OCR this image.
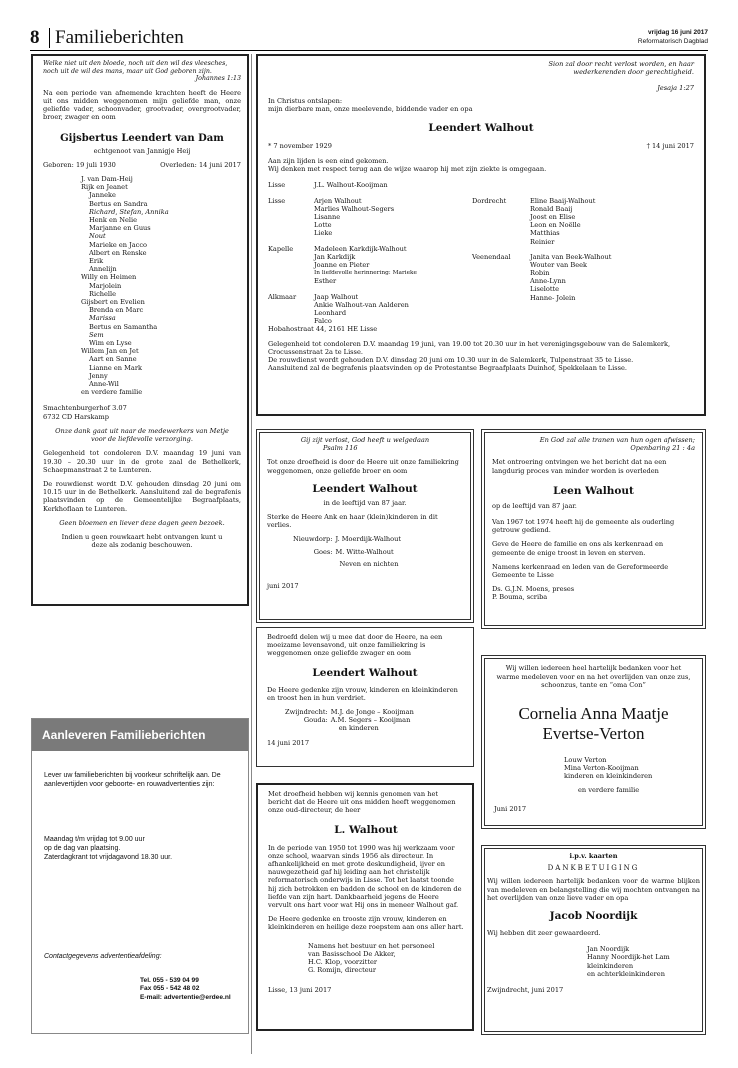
8 Familieberichten	vrijdag 16 juni 2017
Reformatorisch Dagblad

Welke niet uit den bloede, noch uit den wil des vleesches,

noch uit de wil des mans, maar uit God geboren zijn.

Johannes 1:13

Na een periode van afnemende krachten heeft de Heere uit ons midden weggenomen mijn geliefde man, onze geliefde vader, schoonvader, grootvader, overgrootvader, broer, zwager en oom

Gijsbertus Leendert van Dam

echtgenoot van Jannigje Heij

Geboren: 19 juli 1930	Overleden: 14 juni 2017

J. van Dam-Heij

Rijk en Jeanet

Janneke

Bertus en Sandra

Richard, Stefan, Annika

Henk en Nelie

Marjanne en Guus

Nout

Marieke en Jacco

Albert en Renske

Erik

Annelijn

Willy en Heimen

Marjolein

Richelle

Gijsbert en Evelien

Brenda en Marc

Marissa

Bertus en Samantha

Sem

Wim en Lyse

Willem Jan en Jet

Aart en Sanne

Lianne en Mark

Jenny

Anne-Wil

en verdere familie

Smachtenburgerhof 3.07

6732 CD Harskamp

Onze dank gaat uit naar de medewerkers van Metje voor de liefdevolle verzorging.

Gelegenheid tot condoleren D.V. maandag 19 juni van 19.30 – 20.30 uur in de grote zaal de Bethelkerk, Schaepmanstraat 2 te Lunteren.

De rouwdienst wordt D.V. gehouden dinsdag 20 juni om 10.15 uur in de Bethelkerk. Aansluitend zal de begrafenis plaatsvinden op de Gemeentelijke Begraafplaats, Kerkhoflaan te Lunteren.

Geen bloemen en liever deze dagen geen bezoek.

Indien u geen rouwkaart hebt ontvangen kunt u deze als zodanig beschouwen.

Sion zal door recht verlost worden, en haar

wederkerenden door gerechtigheid.

Jesaja 1:27

In Christus ontslapen:

mijn dierbare man, onze meelevende, biddende vader en opa

Leendert Walhout

* 7 november 1929	† 14 juni 2017

Aan zijn lijden is een eind gekomen.

Wij denken met respect terug aan de wijze waarop hij met zijn ziekte is omgegaan.

Lisse	J.L. Walhout-Kooijman
Lisse	Arjen Walhout

Marlies Walhout-Segers

Lisanne

Lotte

Lieke

Kapelle	Madeleen Karkdijk-Walhout

Jan Karkdijk

Joanne en Pieter

In liefdevolle herinnering: Marieke

Esther

Alkmaar	Jaap Walhout

Ankie Walhout-van Aalderen

Leonhard

Falco

Dordrecht	Eline Baaij-Walhout

Ronald Baaij

Joost en Elise

Leon en Noëlle

Matthias

Reinier

Veenendaal	Janita van Beek-Walhout

Wouter van Beek

Robin

Anne-Lynn

Liselotte

Hanne- Jolein

Hobahostraat 44, 2161 HE Lisse

Gelegenheid tot condoleren D.V. maandag 19 juni, van 19.00 tot 20.30 uur in het verenigingsgebouw van de Salemkerk, Crocussenstraat 2a te Lisse.

De rouwdienst wordt gehouden D.V. dinsdag 20 juni om 10.30 uur in de Salemkerk, Tulpenstraat 35 te Lisse.

Aansluitend zal de begrafenis plaatsvinden op de Protestantse Begraafplaats Duinhof, Spekkelaan te Lisse.

Gij zijt verlost, God heeft u welgedaan

Psalm 116

Tot onze droefheid is door de Heere uit onze familiekring weggenomen, onze geliefde broer en oom

Leendert Walhout

in de leeftijd van 87 jaar.

Sterke de Heere Ank en haar (klein)kinderen in dit verlies.

Nieuwdorp:	J. Moerdijk-Walhout
Goes:	M. Witte-Walhout
	Neven en nichten

juni 2017

En God zal alle tranen van hun ogen afwissen;

Openbaring 21 : 4a

Met ontroering ontvingen we het bericht dat na een langdurig proces van minder worden is overleden

Leen Walhout

op de leeftijd van 87 jaar.

Van 1967 tot 1974 heeft hij de gemeente als ouderling getrouw gediend.

Geve de Heere de familie en ons als kerkenraad en gemeente de enige troost in leven en sterven.

Namens kerkenraad en leden van de Gereformeerde Gemeente te Lisse

Ds. G.J.N. Moens, preses

P. Bouma, scriba

Bedroefd delen wij u mee dat door de Heere, na een moeizame levensavond, uit onze familiekring is weggenomen onze geliefde zwager en oom

Leendert Walhout

De Heere gedenke zijn vrouw, kinderen en kleinkinderen en troost hen in hun verdriet.

Zwijndrecht:	M.J. de Jonge – Kooijman
Gouda:	A.M. Segers – Kooijman
	en kinderen

14 juni 2017

Wij willen iedereen heel hartelijk bedanken voor het warme medeleven voor en na het overlijden van onze zus, schoonzus, tante en “oma Con”

Cornelia Anna Maatje

Evertse-Verton

Louw Verton

Mina Verton-Kooijman

kinderen en kleinkinderen

en verdere familie

Juni 2017

Met droefheid hebben wij kennis genomen van het bericht dat de Heere uit ons midden heeft weggenomen onze oud-directeur, de heer

L. Walhout

In de periode van 1950 tot 1990 was hij werkzaam voor onze school, waarvan sinds 1956 als directeur. In afhankelijkheid en met grote deskundigheid, ijver en nauwgezetheid gaf hij leiding aan het christelijk reformatorisch onderwijs in Lisse. Tot het laatst toonde hij zich betrokken en badden de school en de kinderen de liefde van zijn hart. Dankbaarheid jegens de Heere vervult ons hart voor wat Hij ons in meneer Walhout gaf.

De Heere gedenke en trooste zijn vrouw, kinderen en kleinkinderen en heilige deze roepstem aan ons aller hart.

Namens het bestuur en het personeel

van Basisschool De Akker,

H.C. Klop, voorzitter

G. Romijn, directeur

Lisse, 13 juni 2017

i.p.v. kaarten

DANKBETUIGING

Wij willen iedereen hartelijk bedanken voor de warme blijken van medeleven en belangstelling die wij mochten ontvangen na het overlijden van onze lieve vader en opa

Jacob Noordijk

Wij hebben dit zeer gewaardeerd.

Jan Noordijk

Hanny Noordijk-het Lam

kleinkinderen

en achterkleinkinderen

Zwijndrecht, juni 2017

Aanleveren Familieberichten

Lever uw familieberichten bij voorkeur schriftelijk aan. De aanlevertijden voor geboorte- en rouwadvertenties zijn:

Maandag t/m vrijdag tot 9.00 uur

op de dag van plaatsing.

Zaterdagkrant tot vrijdagavond 18.30 uur.

Contactgegevens advertentieafdeling:

Tel. 055 - 539 04 99

Fax 055 - 542 48 02

E-mail: advertentie@erdee.nl
